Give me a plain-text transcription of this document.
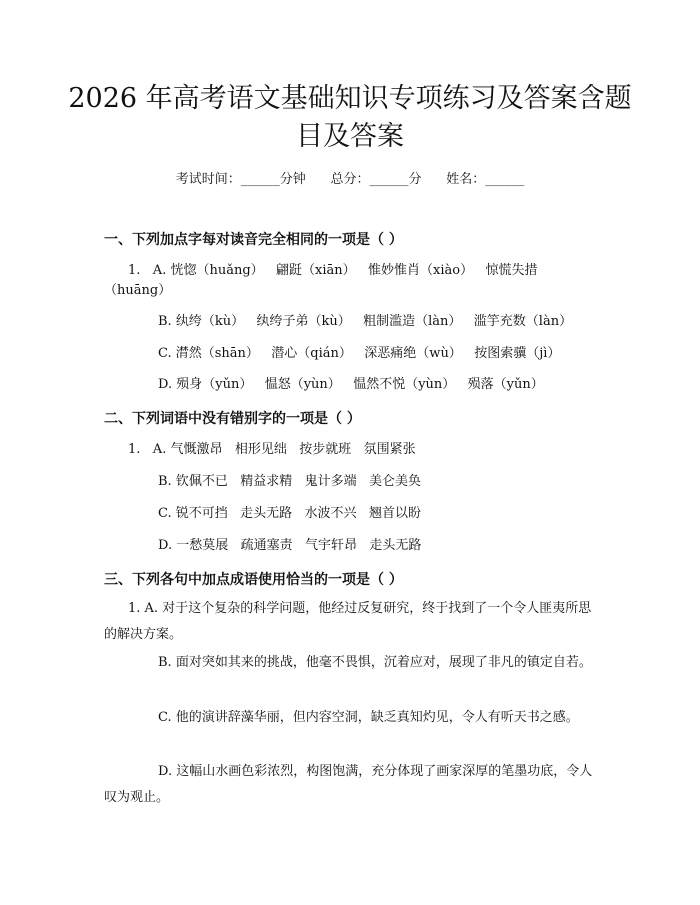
2026 年高考语文基础知识专项练习及答案含题目及答案
考试时间：______分钟      总分：______分      姓名：______
一、下列加点字每对读音完全相同的一项是（ ）
1.   A. 恍惚（huǎng）   翩跹（xiān）   惟妙惟肖（xiào）   惊慌失措
（huāng）
B. 纨绔（kù）   纨绔子弟（kù）   粗制滥造（làn）   滥竽充数（làn）
C. 潸然（shān）   潜心（qián）   深恶痛绝（wù）   按图索骥（jì）
D. 殒身（yǔn）   愠怒（yùn）   愠然不悦（yùn）   殒落（yǔn）
二、下列词语中没有错别字的一项是（ ）
1.   A. 气慨激昂   相形见绌   按步就班   氛围紧张
B. 钦佩不已   精益求精   鬼计多端   美仑美奂
C. 锐不可挡   走头无路   水波不兴   翘首以盼
D. 一愁莫展   疏通塞责   气宇轩昂   走头无路
三、下列各句中加点成语使用恰当的一项是（ ）
1. A. 对于这个复杂的科学问题，他经过反复研究，终于找到了一个令人匪夷所思的解决方案。
B. 面对突如其来的挑战，他毫不畏惧，沉着应对，展现了非凡的镇定自若。
C. 他的演讲辞藻华丽，但内容空洞，缺乏真知灼见，令人有听天书之感。
D. 这幅山水画色彩浓烈，构图饱满，充分体现了画家深厚的笔墨功底，令人叹为观止。
